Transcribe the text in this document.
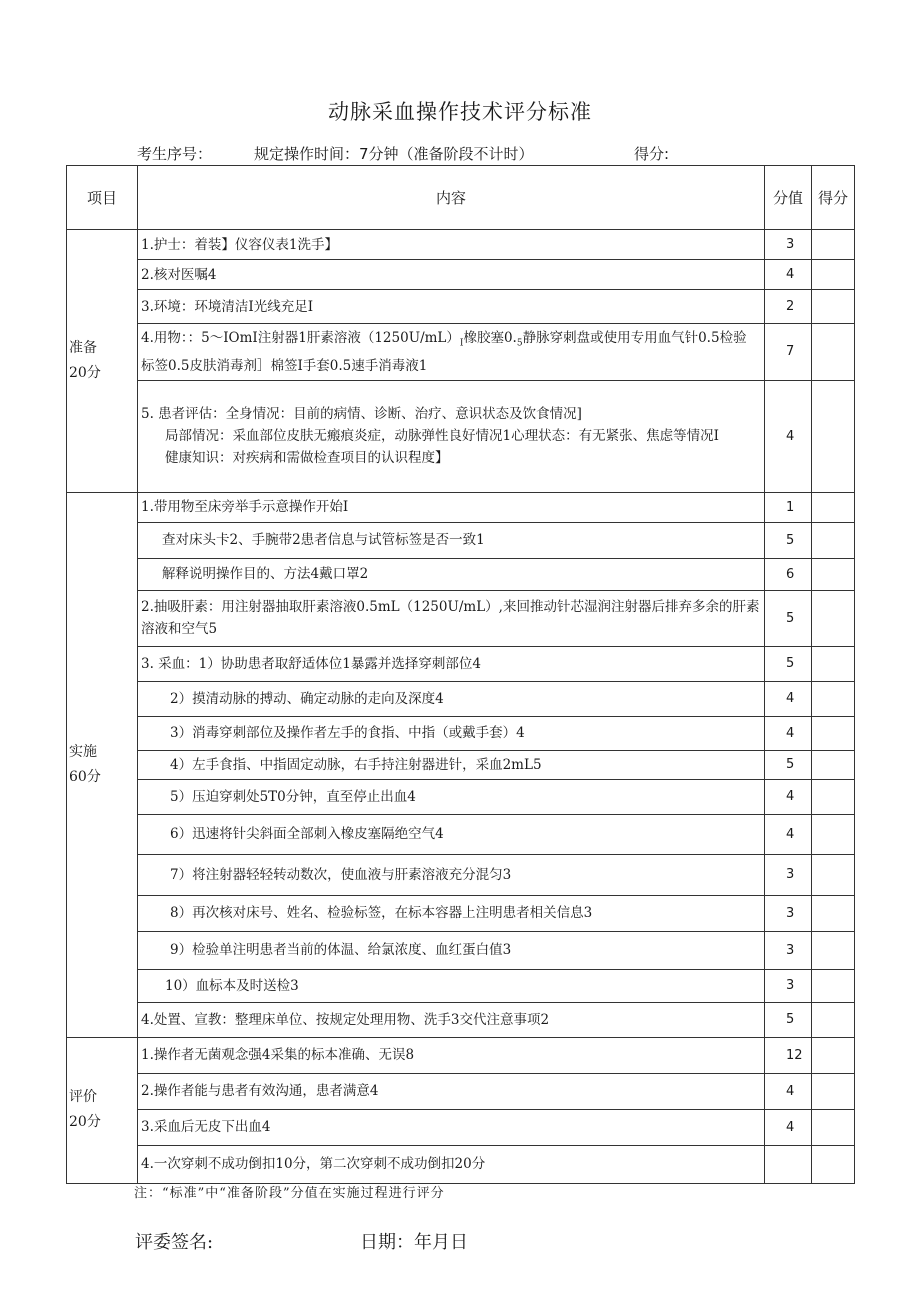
动脉采血操作技术评分标准
考生序号：	规定操作时间：7分钟（准备阶段不计时）	得分:
项目	内容	分值	得分

准备
20分	1.护士：着装】仪容仪表1洗手】	3	
	2.核对医嘱4	4	
	3.环境：环境清洁I光线充足I	2	
	4.用物：：5～IOmI注射器1肝素溶液$(1250U/mL)_I$橡胶塞$0._5$静脉穿刺盘或使用专用血气针0.5检验标签0.5皮肤消毒剂］棉签I手套0.5速手消毒液1	7	

	5. 患者评估：全身情况：目前的病情、诊断、治疗、意识状态及饮食情况]
局部情况：采血部位皮肤无瘢痕炎症，动脉弹性良好情况1心理状态：有无紧张、焦虑等情况I
健康知识：对疾病和需做检查项目的认识程度】	4	

实施
60分	1.带用物至床旁举手示意操作开始I	1	
	查对床头卡2、手腕带2患者信息与试管标签是否一致1	5	
	解释说明操作目的、方法4戴口罩2	6	
	2.抽吸肝素：用注射器抽取肝素溶液0.5mL（1250U/mL）,来回推动针芯湿润注射器后排弃多余的肝素溶液和空气5	5	
	3. 采血：1）协助患者取舒适体位1暴露并选择穿刺部位4	5	
	2）摸清动脉的搏动、确定动脉的走向及深度4	4	
	3）消毒穿刺部位及操作者左手的食指、中指（或戴手套）4	4	
	4）左手食指、中指固定动脉，右手持注射器进针，采血2mL5	5	
	5）压迫穿刺处5T0分钟，直至停止出血4	4	
	6）迅速将针尖斜面全部刺入橡皮塞隔绝空气4	4	
	7）将注射器轻轻转动数次，使血液与肝素溶液充分混匀3	3	
	8）再次核对床号、姓名、检验标签，在标本容器上注明患者相关信息3	3	
	9）检验单注明患者当前的体温、给氯浓度、血红蛋白值3	3	
	10）血标本及时送检3	3	
	4.处置、宣教：整理床单位、按规定处理用物、洗手3交代注意事项2	5	

评价
20分	1.操作者无菌观念强4采集的标本准确、无误8	12	
	2.操作者能与患者有效沟通，患者满意4	4	
	3.采血后无皮下出血4	4	
	4.一次穿刺不成功倒扣10分，第二次穿刺不成功倒扣20分		
注：“标准”中“准备阶段”分值在实施过程进行评分
评委签名:	日期：年月日
